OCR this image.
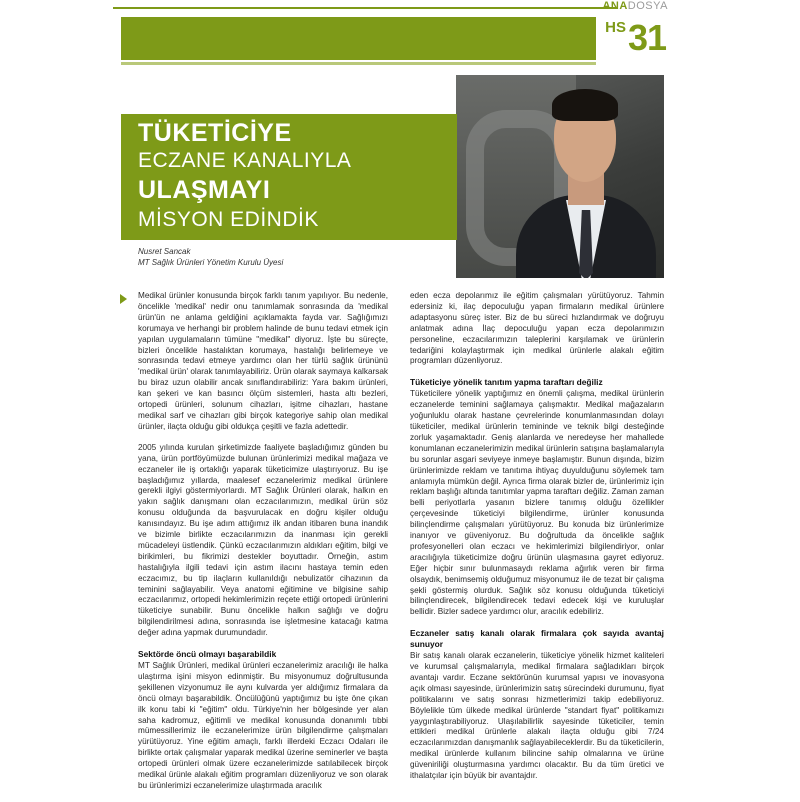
ANADOSYA
HS31
TÜKETİCİYE
ECZANE KANALIYLA
ULAŞMAYI
MİSYON EDİNDİK
Nusret Sancak
MT Sağlık Ürünleri Yönetim Kurulu Üyesi

Medikal ürünler konusunda birçok farklı tanım yapılıyor. Bu nedenle, öncelikle 'medikal' nedir onu tanımlamak sonrasında da 'medikal ürün'ün ne anlama geldiğini açıklamakta fayda var. Sağlığımızı korumaya ve herhangi bir problem halinde de bunu tedavi etmek için yapılan uygulamaların tümüne "medikal" diyoruz. İşte bu süreçte, bizleri öncelikle hastalıktan korumaya, hastalığı belirlemeye ve sonrasında tedavi etmeye yardımcı olan her türlü sağlık ürününü 'medikal ürün' olarak tanımlayabiliriz. Ürün olarak saymaya kalkarsak bu biraz uzun olabilir ancak sınıflandırabiliriz: Yara bakım ürünleri, kan şekeri ve kan basıncı ölçüm sistemleri, hasta altı bezleri, ortopedi ürünleri, solunum cihazları, işitme cihazları, hastane medikal sarf ve cihazları gibi birçok kategoriye sahip olan medikal ürünler, ilaçta olduğu gibi oldukça çeşitli ve fazla adettedir.

2005 yılında kurulan şirketimizde faaliyete başladığımız günden bu yana, ürün portföyümüzde bulunan ürünlerimizi medikal mağaza ve eczaneler ile iş ortaklığı yaparak tüketicimize ulaştırıyoruz. Bu işe başladığımız yıllarda, maalesef eczanelerimiz medikal ürünlere gerekli ilgiyi göstermiyorlardı. MT Sağlık Ürünleri olarak, halkın en yakın sağlık danışmanı olan eczacılarımızın, medikal ürün söz konusu olduğunda da başvurulacak en doğru kişiler olduğu kanısındayız. Bu işe adım attığımız ilk andan itibaren buna inandık ve bizimle birlikte eczacılarımızın da inanması için gerekli mücadeleyi üstlendik. Çünkü eczacılarımızın aldıkları eğitim, bilgi ve birikimleri, bu fikrimizi destekler boyuttadır. Örneğin, astım hastalığıyla ilgili tedavi için astım ilacını hastaya temin eden eczacımız, bu tip ilaçların kullanıldığı nebulizatör cihazının da teminini sağlayabilir. Veya anatomi eğitimine ve bilgisine sahip eczacılarımız, ortopedi hekimlerimizin reçete ettiği ortopedi ürünlerini tüketiciye sunabilir. Bunu öncelikle halkın sağlığı ve doğru bilgilendirilmesi adına, sonrasında ise işletmesine katacağı katma değer adına yapmak durumundadır.

Sektörde öncü olmayı başarabildik

MT Sağlık Ürünleri, medikal ürünleri eczanelerimiz aracılığı ile halka ulaştırma işini misyon edinmiştir. Bu misyonumuz doğrultusunda şekillenen vizyonumuz ile aynı kulvarda yer aldığımız firmalara da öncü olmayı başarabildik. Öncülüğünü yaptığımız bu işte öne çıkan ilk konu tabi ki "eğitim" oldu. Türkiye'nin her bölgesinde yer alan saha kadromuz, eğitimli ve medikal konusunda donanımlı tıbbi mümessillerimiz ile eczanelerimize ürün bilgilendirme çalışmaları yürütüyoruz. Yine eğitim amaçlı, farklı illerdeki Eczacı Odaları ile birlikte ortak çalışmalar yaparak medikal üzerine seminerler ve başta ortopedi ürünleri olmak üzere eczanelerimizde satılabilecek birçok medikal ürünle alakalı eğitim programları düzenliyoruz ve son olarak bu ürünlerimizi eczanelerimize ulaştırmada aracılık

eden ecza depolarımız ile eğitim çalışmaları yürütüyoruz. Tahmin edersiniz ki, ilaç depoculuğu yapan firmaların medikal ürünlere adaptasyonu süreç ister. Biz de bu süreci hızlandırmak ve doğruyu anlatmak adına İlaç depoculuğu yapan ecza depolarımızın personeline, eczacılarımızın taleplerini karşılamak ve ürünlerin tedariğini kolaylaştırmak için medikal ürünlerle alakalı eğitim programları düzenliyoruz.

Tüketiciye yönelik tanıtım yapma taraftarı değiliz

Tüketicilere yönelik yaptığımız en önemli çalışma, medikal ürünlerin eczanelerde teminini sağlamaya çalışmaktır. Medikal mağazaların yoğunluklu olarak hastane çevrelerinde konumlanmasından dolayı tüketiciler, medikal ürünlerin temininde ve teknik bilgi desteğinde zorluk yaşamaktadır. Geniş alanlarda ve neredeyse her mahallede konumlanan eczanelerimizin medikal ürünlerin satışına başlamalarıyla bu sorunlar asgari seviyeye inmeye başlamıştır. Bunun dışında, bizim ürünlerimizde reklam ve tanıtıma ihtiyaç duyulduğunu söylemek tam anlamıyla mümkün değil. Ayrıca firma olarak bizler de, ürünlerimiz için reklam başlığı altında tanıtımlar yapma taraftarı değiliz. Zaman zaman belli periyotlarla yasanın bizlere tanımış olduğu özellikler çerçevesinde tüketiciyi bilgilendirme, ürünler konusunda bilinçlendirme çalışmaları yürütüyoruz. Bu konuda biz ürünlerimize inanıyor ve güveniyoruz. Bu doğrultuda da öncelikle sağlık profesyonelleri olan eczacı ve hekimlerimizi bilgilendiriyor, onlar aracılığıyla tüketicimize doğru ürünün ulaşmasına gayret ediyoruz. Eğer hiçbir sınır bulunmasaydı reklama ağırlık veren bir firma olsaydık, benimsemiş olduğumuz misyonumuz ile de tezat bir çalışma şekli göstermiş olurduk. Sağlık söz konusu olduğunda tüketiciyi bilinçlendirecek, bilgilendirecek tedavi edecek kişi ve kuruluşlar bellidir. Bizler sadece yardımcı olur, aracılık edebiliriz.

Eczaneler satış kanalı olarak firmalara çok sayıda avantaj sunuyor

Bir satış kanalı olarak eczanelerin, tüketiciye yönelik hizmet kaliteleri ve kurumsal çalışmalarıyla, medikal firmalara sağladıkları birçok avantajı vardır. Eczane sektörünün kurumsal yapısı ve inovasyona açık olması sayesinde, ürünlerimizin satış sürecindeki durumunu, fiyat politikalarını ve satış sonrası hizmetlerimizi takip edebiliyoruz. Böylelikle tüm ülkede medikal ürünlerde "standart fiyat" politikamızı yaygınlaştırabiliyoruz. Ulaşılabilirlik sayesinde tüketiciler, temin ettikleri medikal ürünlerle alakalı ilaçta olduğu gibi 7/24 eczacılarımızdan danışmanlık sağlayabileceklerdir. Bu da tüketicilerin, medikal ürünlerde kullanım bilincine sahip olmalarına ve ürüne güveniriliği oluşturmasına yardımcı olacaktır. Bu da tüm üretici ve ithalatçılar için büyük bir avantajdır.
